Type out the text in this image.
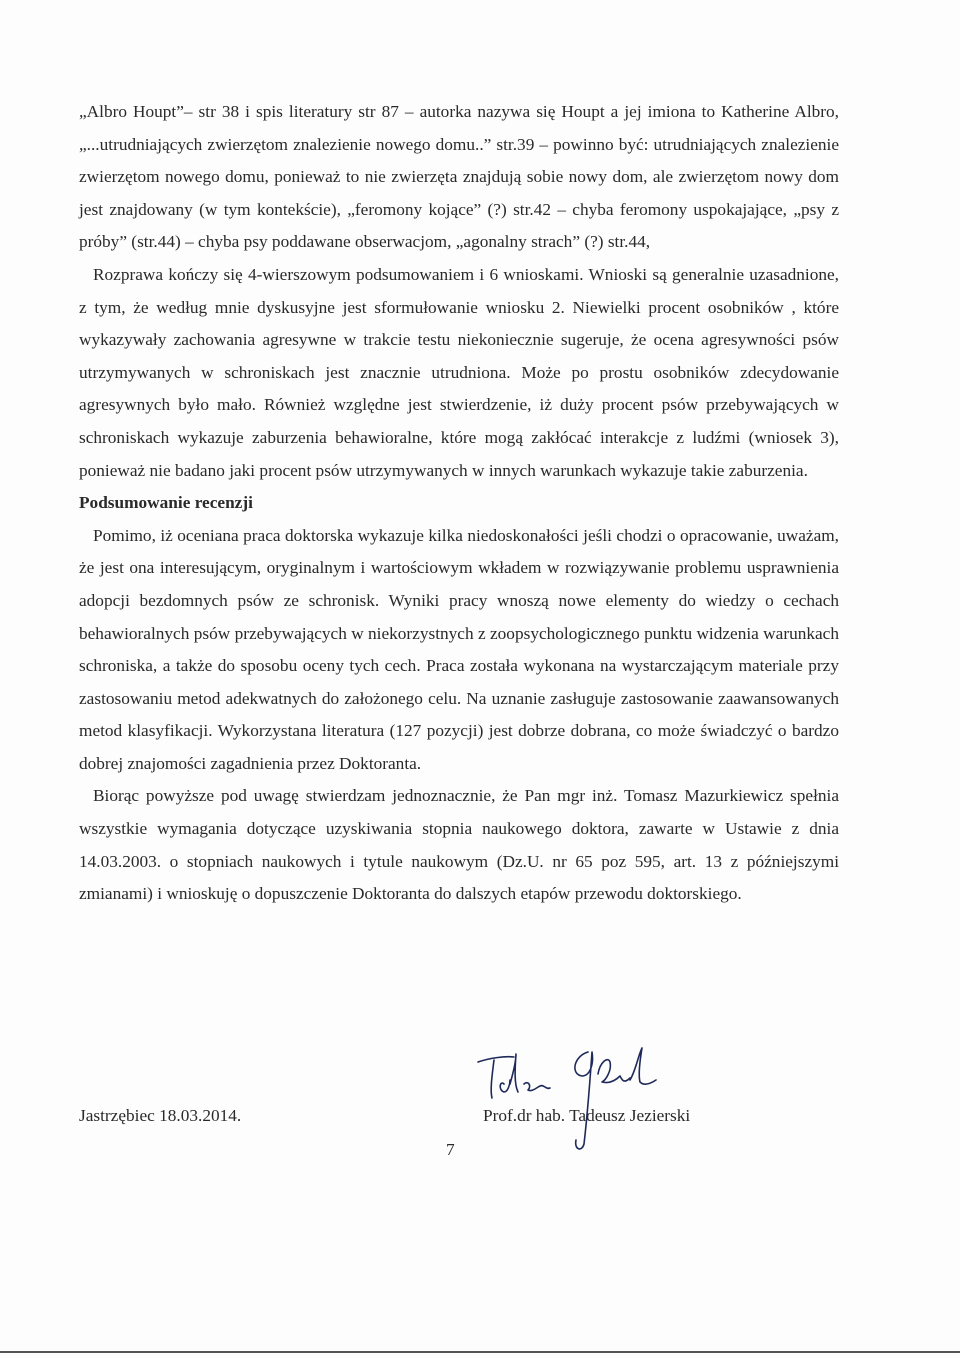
„Albro Houpt”– str 38 i spis literatury str 87 – autorka nazywa się Houpt a jej imiona to Katherine Albro, „...utrudniających zwierzętom znalezienie nowego domu..” str.39 – powinno być: utrudniających znalezienie zwierzętom nowego domu, ponieważ to nie zwierzęta znajdują sobie nowy dom, ale zwierzętom nowy dom jest znajdowany (w tym kontekście), „feromony kojące” (?) str.42 – chyba feromony uspokajające, „psy z próby” (str.44) – chyba psy poddawane obserwacjom, „agonalny strach” (?) str.44,

Rozprawa kończy się 4-wierszowym podsumowaniem i 6 wnioskami. Wnioski są generalnie uzasadnione, z tym, że według mnie dyskusyjne jest sformułowanie wniosku 2. Niewielki procent osobników , które wykazywały zachowania agresywne w trakcie testu niekoniecznie sugeruje, że ocena agresywności psów utrzymywanych w schroniskach jest znacznie utrudniona. Może po prostu osobników zdecydowanie agresywnych było mało. Również względne jest stwierdzenie, iż duży procent psów przebywających w schroniskach wykazuje zaburzenia behawioralne, które mogą zakłócać interakcje z ludźmi (wniosek 3), ponieważ nie badano jaki procent psów utrzymywanych w innych warunkach wykazuje takie zaburzenia.

Podsumowanie recenzji

Pomimo, iż oceniana praca doktorska wykazuje kilka niedoskonałości jeśli chodzi o opracowanie, uważam, że jest ona interesującym, oryginalnym i wartościowym wkładem w rozwiązywanie problemu usprawnienia adopcji bezdomnych psów ze schronisk. Wyniki pracy wnoszą nowe elementy do wiedzy o cechach behawioralnych psów przebywających w niekorzystnych z zoopsychologicznego punktu widzenia warunkach schroniska, a także do sposobu oceny tych cech. Praca została wykonana na wystarczającym materiale przy zastosowaniu metod adekwatnych do założonego celu. Na uznanie zasługuje zastosowanie zaawansowanych metod klasyfikacji. Wykorzystana literatura (127 pozycji) jest dobrze dobrana, co może świadczyć o bardzo dobrej znajomości zagadnienia przez Doktoranta.

Biorąc powyższe pod uwagę stwierdzam jednoznacznie, że Pan mgr inż. Tomasz Mazurkiewicz spełnia wszystkie wymagania dotyczące uzyskiwania stopnia naukowego doktora, zawarte w Ustawie z dnia 14.03.2003. o stopniach naukowych i tytule naukowym (Dz.U. nr 65 poz 595, art. 13 z późniejszymi zmianami) i wnioskuję o dopuszczenie Doktoranta do dalszych etapów przewodu doktorskiego.

Jastrzębiec 18.03.2014.	Prof.dr hab. Tadeusz Jezierski
7
